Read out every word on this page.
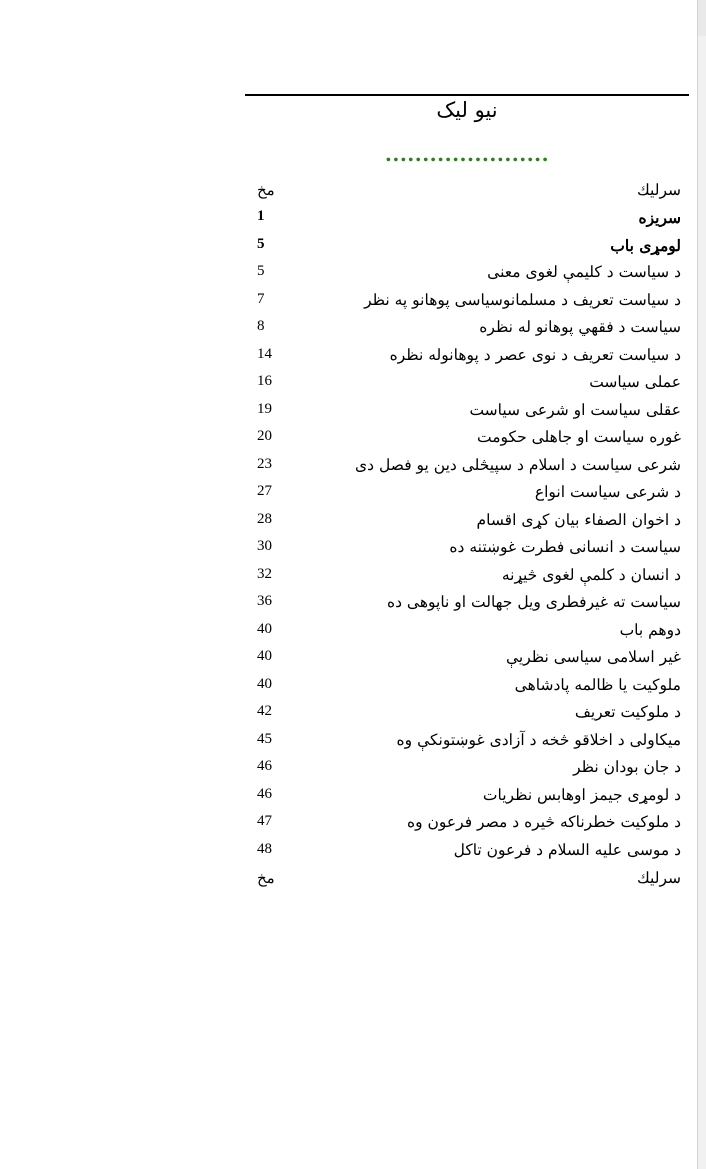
نیو لیک
......................
سرليك
مخ
سريزه
1
لومړی باب
5
د سیاست د کلیمې لغوی معنی
5
د سیاست تعریف د مسلمانوسیاسی پوهانو په نظر
7
سیاست د فقهي پوهانو له نظره
8
د سیاست تعریف د نوی عصر د پوهانوله نظره
14
عملی سیاست
16
عقلی سیاست او شرعی سیاست
19
غوره سیاست او جاهلی حکومت
20
شرعی سیاست د اسلام د سپيڅلی دین یو فصل دی
23
د شرعی سیاست انواع
27
د اخوان الصفاء بیان کړی اقسام
28
سیاست د انسانی فطرت غوښتنه ده
30
د انسان د کلمې لغوی څیړنه
32
سیاست ته غیرفطری ویل جهالت او ناپوهی ده
36
دوهم باب
40
غیر اسلامی سیاسی نظریې
40
ملوکیت یا ظالمه پادشاهی
40
د ملوکیت تعریف
42
میکاولی د اخلاقو څخه د آزادی غوښتونکې وه
45
د جان بودان نظر
46
د لومړی جیمز اوهابس نظريات
46
د ملوکیت خطرناکه څیره د مصر فرعون وه
47
د موسی علیه السلام د فرعون تاکل
48
سرليك
مخ
